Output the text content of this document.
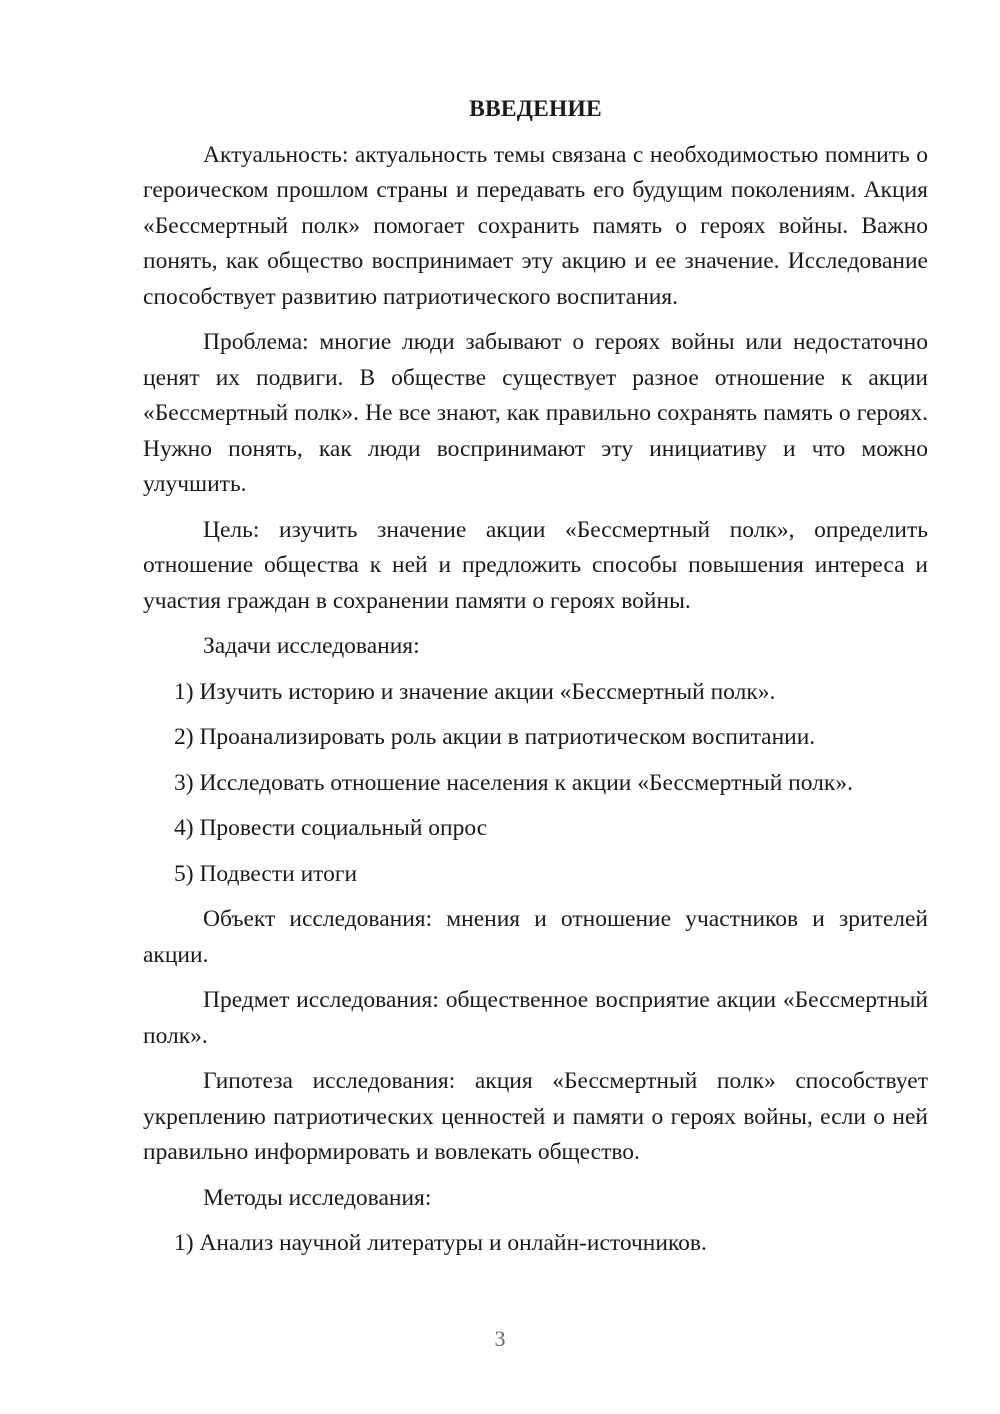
ВВЕДЕНИЕ

Актуальность: актуальность темы связана с необходимостью помнить о героическом прошлом страны и передавать его будущим поколениям. Акция «Бессмертный полк» помогает сохранить память о героях войны. Важно понять, как общество воспринимает эту акцию и ее значение. Исследование способствует развитию патриотического воспитания.

Проблема: многие люди забывают о героях войны или недостаточно ценят их подвиги. В обществе существует разное отношение к акции «Бессмертный полк». Не все знают, как правильно сохранять память о героях. Нужно понять, как люди воспринимают эту инициативу и что можно улучшить.

Цель: изучить значение акции «Бессмертный полк», определить отношение общества к ней и предложить способы повышения интереса и участия граждан в сохранении памяти о героях войны.

Задачи исследования:

1) Изучить историю и значение акции «Бессмертный полк».
2) Проанализировать роль акции в патриотическом воспитании.
3) Исследовать отношение населения к акции «Бессмертный полк».
4) Провести социальный опрос
5) Подвести итоги

Объект исследования: мнения и отношение участников и зрителей акции.

Предмет исследования: общественное восприятие акции «Бессмертный полк».

Гипотеза исследования: акция «Бессмертный полк» способствует укреплению патриотических ценностей и памяти о героях войны, если о ней правильно информировать и вовлекать общество.

Методы исследования:

1) Анализ научной литературы и онлайн-источников.
3
